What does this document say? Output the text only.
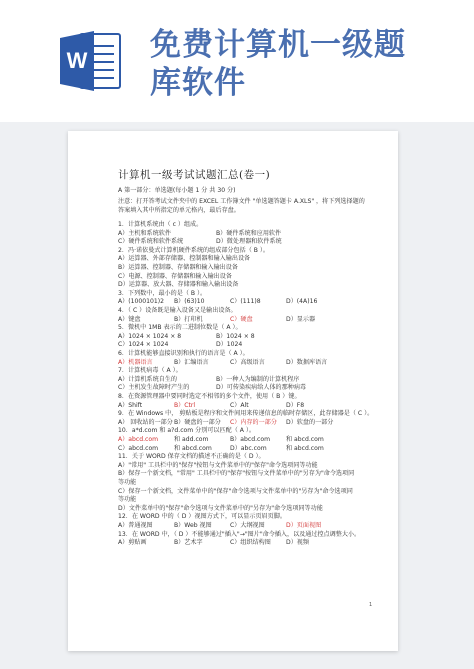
W 免费计算机一级题
库软件
计算机一级考试试题汇总(卷一)
A 第一部分：单选题(每小题 1 分 共 30 分)
注意：打开答考试文件夹中的 EXCEL 工作簿文件 "单选题答题卡 A.XLS" ，将下列选择题的
答案填入其中所指定的单元格内，最后存盘。
1．计算机系统由（ c ）组成。
A）主机和系统软件	B）硬件系统和应用软件
C）硬件系统和软件系统	D）微处理器和软件系统
2．冯·诺依曼式计算机硬件系统的组成部分包括（ B ）。
A）运算器、外部存储器、控制器和输入输出设备
B）运算器、控制器、存储器和输入输出设备
C）电源、控制器、存储器和输入输出设备
D）运算器、放大器、存储器和输入输出设备
3．下列数中，最小的是（ B ）。
A）(1000101)2 B）(63)10	C）(111)8	D）(4A)16
4．（ C ）设备既是输入设备又是输出设备。
A）键盘	B）打印机	C）硬盘	D）显示器
5．微机中 1MB 表示的二进制位数是（ A ）。
A）1024 × 1024 × 8	B）1024 × 8
C）1024 × 1024	D）1024
6．计算机能够直接识别和执行的语言是（ A ）。
A）机器语言	B）汇编语言	C）高级语言	D）数据库语言
7．计算机病毒（ A ）。
A）计算机系统自生的	B）一种人为编制的计算机程序
C）主机发生故障时产生的	D）可传染疾病给人体的那种病毒
8．在资源管理器中要同时选定不相邻的多个文件，使用（ B ）键。
A）Shift	B）Ctrl	C）Alt	D）F8
9．在 Windows 中， 剪贴板是程序和文件间用来传递信息的临时存储区，此存储器是（ C ）。
A） 回收站的一部分 B）硬盘的一部分 C）内存的一部分 D）软盘的一部分
10．a*d.com 和 a?d.com 分别可以匹配（ A ）。
A）abcd.com	和 add.com	B）abcd.com	和 abcd.com
C）abcd.com	和 abcd.com	D）abc.com	和 abcd.com
11．关于 WORD 保存文档的描述不正确的是（ D ）。
A）"常用" 工具栏中的"保存"按钮与文件菜单中的"保存"命令选项同等功能
B）保存一个新文档，"常用" 工具栏中的"保存"按钮与文件菜单中的"另存为"命令选项同
等功能
C）保存一个新文档，文件菜单中的"保存"命令选项与文件菜单中的"另存为"命令选项同
等功能
D）文件菜单中的"保存"命令选项与文件菜单中的"另存为"命令选项同等功能
12．在 WORD 中的（ D ）视图方式下，可以显示页眉页脚。
A）普通视图	B）Web 视图	C）大纲视图	D）页面视图
13．在 WORD 中，（ D ）不能够通过"插入"→"图片"命令插入，以及通过控点调整大小。
A）剪贴画	B）艺术字	C）组织结构图 D）视频
1
